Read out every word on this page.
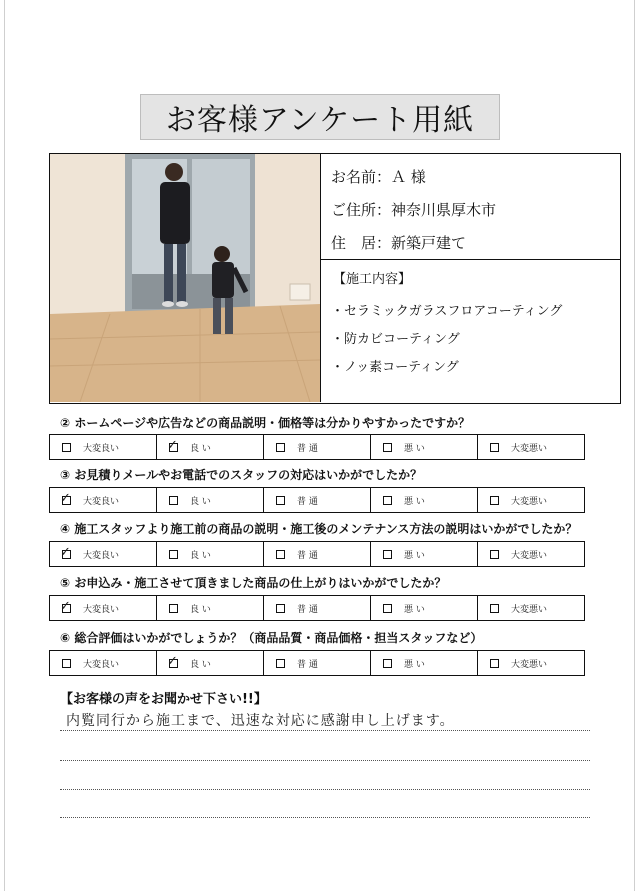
お客様アンケート用紙
お名前：Ａ 様
ご住所：神奈川県厚木市
住　居：新築戸建て
【施工内容】
・セラミックガラスフロアコーティング
・防カビコーティング
・ノッ素コーティング
② ホームページや広告などの商品説明・価格等は分かりやすかったですか？
大変良い	✓ 良 い	普 通	悪 い	大変悪い
③ お見積りメールやお電話でのスタッフの対応はいかがでしたか？
✓ 大変良い	良 い	普 通	悪 い	大変悪い
④ 施工スタッフより施工前の商品の説明・施工後のメンテナンス方法の説明はいかがでしたか？
✓ 大変良い	良 い	普 通	悪 い	大変悪い
⑤ お申込み・施工させて頂きました商品の仕上がりはいかがでしたか？
✓ 大変良い	良 い	普 通	悪 い	大変悪い
⑥ 総合評価はいかがでしょうか？（商品品質・商品価格・担当スタッフなど）
大変良い	✓ 良 い	普 通	悪 い	大変悪い
【お客様の声をお聞かせ下さい!!】
内覧同行から施工まで、迅速な対応に感謝申し上げます。
